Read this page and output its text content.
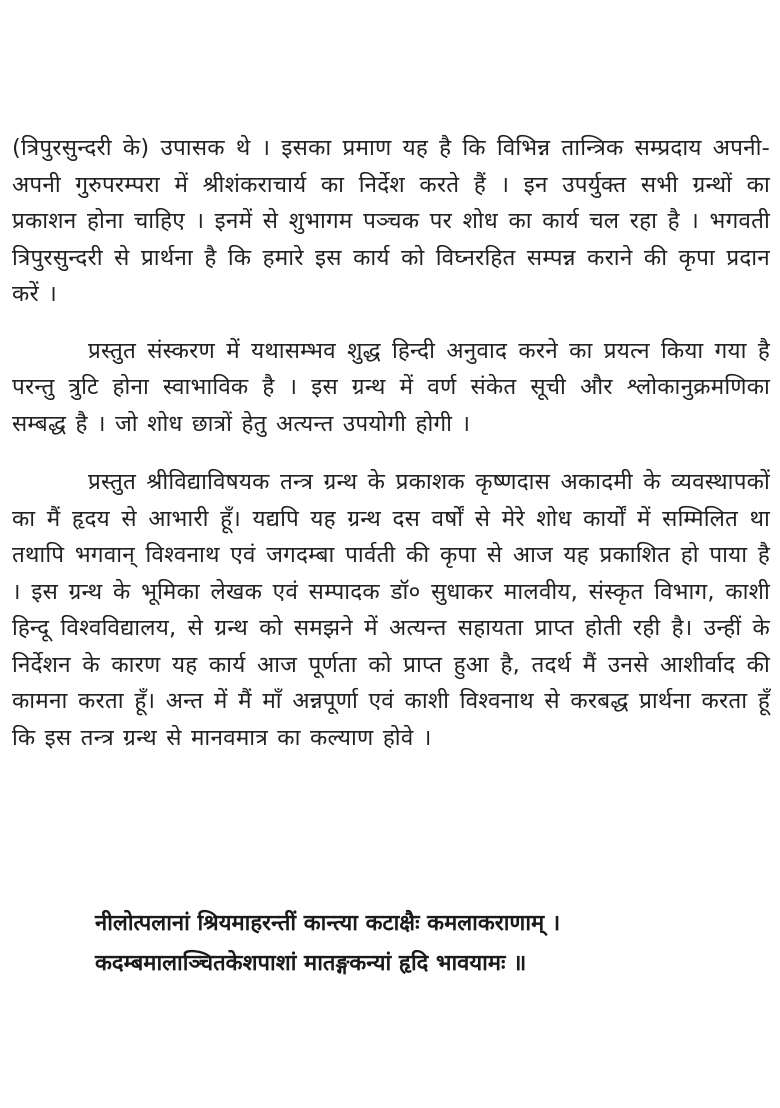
(त्रिपुरसुन्दरी के) उपासक थे । इसका प्रमाण यह है कि विभिन्न तान्त्रिक सम्प्रदाय अपनी-अपनी गुरुपरम्परा में श्रीशंकराचार्य का निर्देश करते हैं । इन उपर्युक्त सभी ग्रन्थों का प्रकाशन होना चाहिए । इनमें से शुभागम पञ्चक पर शोध का कार्य चल रहा है । भगवती त्रिपुरसुन्दरी से प्रार्थना है कि हमारे इस कार्य को विघ्नरहित सम्पन्न कराने की कृपा प्रदान करें ।

प्रस्तुत संस्करण में यथासम्भव शुद्ध हिन्दी अनुवाद करने का प्रयत्न किया गया है परन्तु त्रुटि होना स्वाभाविक है । इस ग्रन्थ में वर्ण संकेत सूची और श्लोकानुक्रमणिका सम्बद्ध है । जो शोध छात्रों हेतु अत्यन्त उपयोगी होगी ।

प्रस्तुत श्रीविद्याविषयक तन्त्र ग्रन्थ के प्रकाशक कृष्णदास अकादमी के व्यवस्थापकों का मैं हृदय से आभारी हूँ। यद्यपि यह ग्रन्थ दस वर्षों से मेरे शोध कार्यों में सम्मिलित था तथापि भगवान् विश्वनाथ एवं जगदम्बा पार्वती की कृपा से आज यह प्रकाशित हो पाया है । इस ग्रन्थ के भूमिका लेखक एवं सम्पादक डॉ० सुधाकर मालवीय, संस्कृत विभाग, काशी हिन्दू विश्वविद्यालय, से ग्रन्थ को समझने में अत्यन्त सहायता प्राप्त होती रही है। उन्हीं के निर्देशन के कारण यह कार्य आज पूर्णता को प्राप्त हुआ है, तदर्थ मैं उनसे आशीर्वाद की कामना करता हूँ। अन्त में मैं माँ अन्नपूर्णा एवं काशी विश्वनाथ से करबद्ध प्रार्थना करता हूँ कि इस तन्त्र ग्रन्थ से मानवमात्र का कल्याण होवे ।

नीलोत्पलानां श्रियमाहरन्तीं कान्त्या कटाक्षैः कमलाकराणाम् ।
कदम्बमालाञ्चितकेशपाशां मातङ्गकन्यां हृदि भावयामः ॥
